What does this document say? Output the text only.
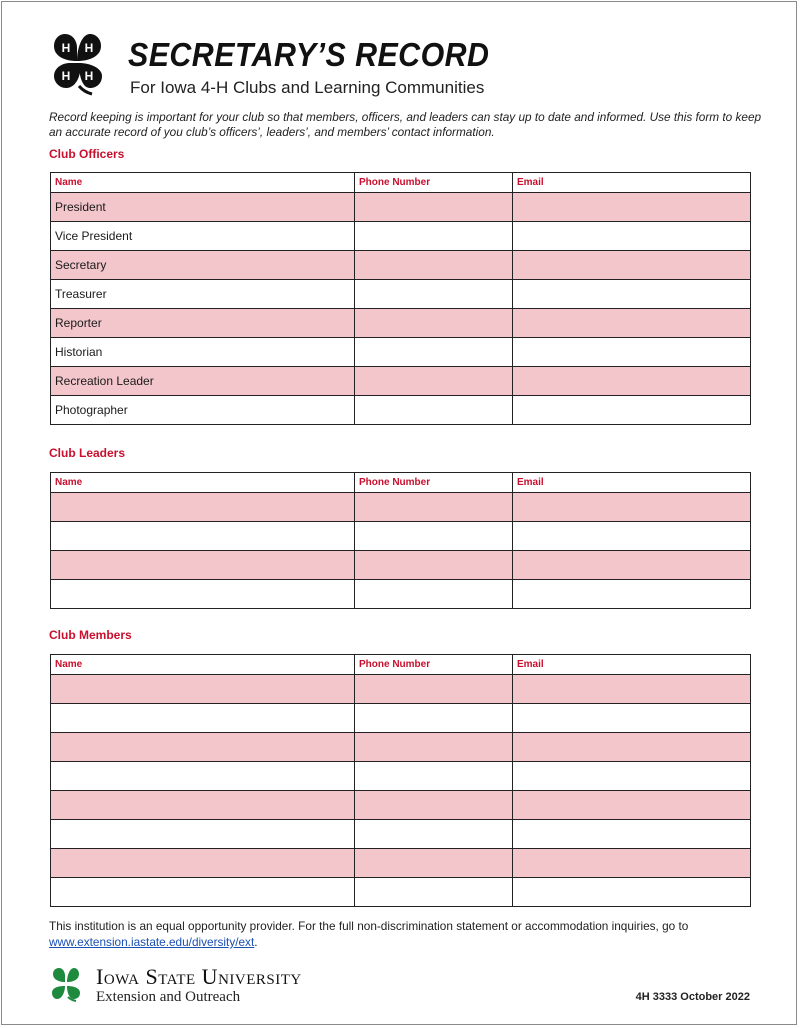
H H
H H
SECRETARY’S RECORD
For Iowa 4-H Clubs and Learning Communities
Record keeping is important for your club so that members, officers, and leaders can stay up to date and informed. Use this form to keep an accurate record of you club’s officers’, leaders’, and members’ contact information.
Club Officers
Name	Phone Number	Email
President		
Vice President		
Secretary		
Treasurer		
Reporter		
Historian		
Recreation Leader		
Photographer		
Club Leaders
Name	Phone Number	Email

Club Members
Name	Phone Number	Email

This institution is an equal opportunity provider. For the full non-discrimination statement or accommodation inquiries, go to www.extension.iastate.edu/diversity/ext.
Iowa State University
Extension and Outreach	4H 3333 October 2022
